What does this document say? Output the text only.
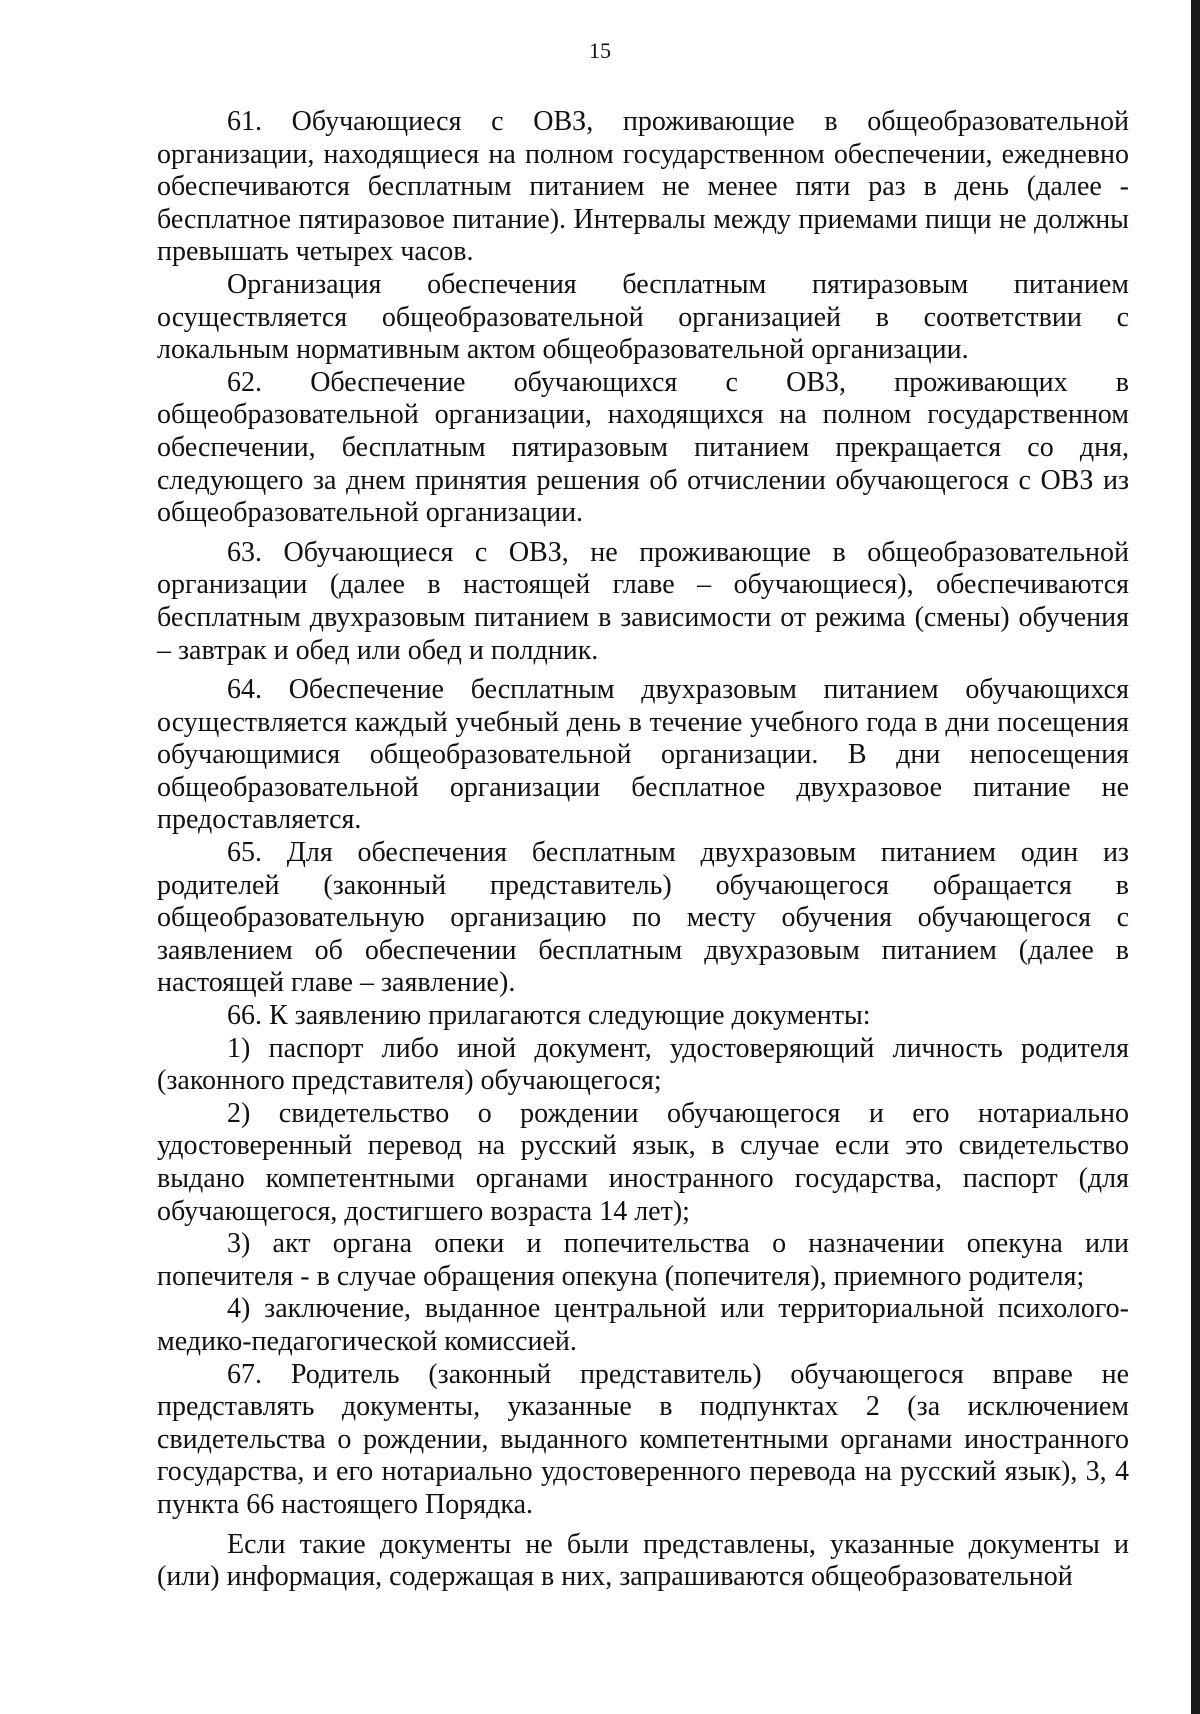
15

61. Обучающиеся с ОВЗ, проживающие в общеобразовательной организации, находящиеся на полном государственном обеспечении, ежедневно обеспечиваются бесплатным питанием не менее пяти раз в день (далее - бесплатное пятиразовое питание). Интервалы между приемами пищи не должны превышать четырех часов.

Организация обеспечения бесплатным пятиразовым питанием осуществляется общеобразовательной организацией в соответствии с локальным нормативным актом общеобразовательной организации.

62. Обеспечение обучающихся с ОВЗ, проживающих в общеобразовательной организации, находящихся на полном государственном обеспечении, бесплатным пятиразовым питанием прекращается со дня, следующего за днем принятия решения об отчислении обучающегося с ОВЗ из общеобразовательной организации.

63. Обучающиеся с ОВЗ, не проживающие в общеобразовательной организации (далее в настоящей главе – обучающиеся), обеспечиваются бесплатным двухразовым питанием в зависимости от режима (смены) обучения – завтрак и обед или обед и полдник.

64. Обеспечение бесплатным двухразовым питанием обучающихся осуществляется каждый учебный день в течение учебного года в дни посещения обучающимися общеобразовательной организации. В дни непосещения общеобразовательной организации бесплатное двухразовое питание не предоставляется.

65. Для обеспечения бесплатным двухразовым питанием один из родителей (законный представитель) обучающегося обращается в общеобразовательную организацию по месту обучения обучающегося с заявлением об обеспечении бесплатным двухразовым питанием (далее в настоящей главе – заявление).

66. К заявлению прилагаются следующие документы:

1) паспорт либо иной документ, удостоверяющий личность родителя (законного представителя) обучающегося;

2) свидетельство о рождении обучающегося и его нотариально удостоверенный перевод на русский язык, в случае если это свидетельство выдано компетентными органами иностранного государства, паспорт (для обучающегося, достигшего возраста 14 лет);

3) акт органа опеки и попечительства о назначении опекуна или попечителя - в случае обращения опекуна (попечителя), приемного родителя;

4) заключение, выданное центральной или территориальной психолого-медико-педагогической комиссией.

67. Родитель (законный представитель) обучающегося вправе не представлять документы, указанные в подпунктах 2 (за исключением свидетельства о рождении, выданного компетентными органами иностранного государства, и его нотариально удостоверенного перевода на русский язык), 3, 4 пункта 66 настоящего Порядка.

Если такие документы не были представлены, указанные документы и (или) информация, содержащая в них, запрашиваются общеобразовательной
